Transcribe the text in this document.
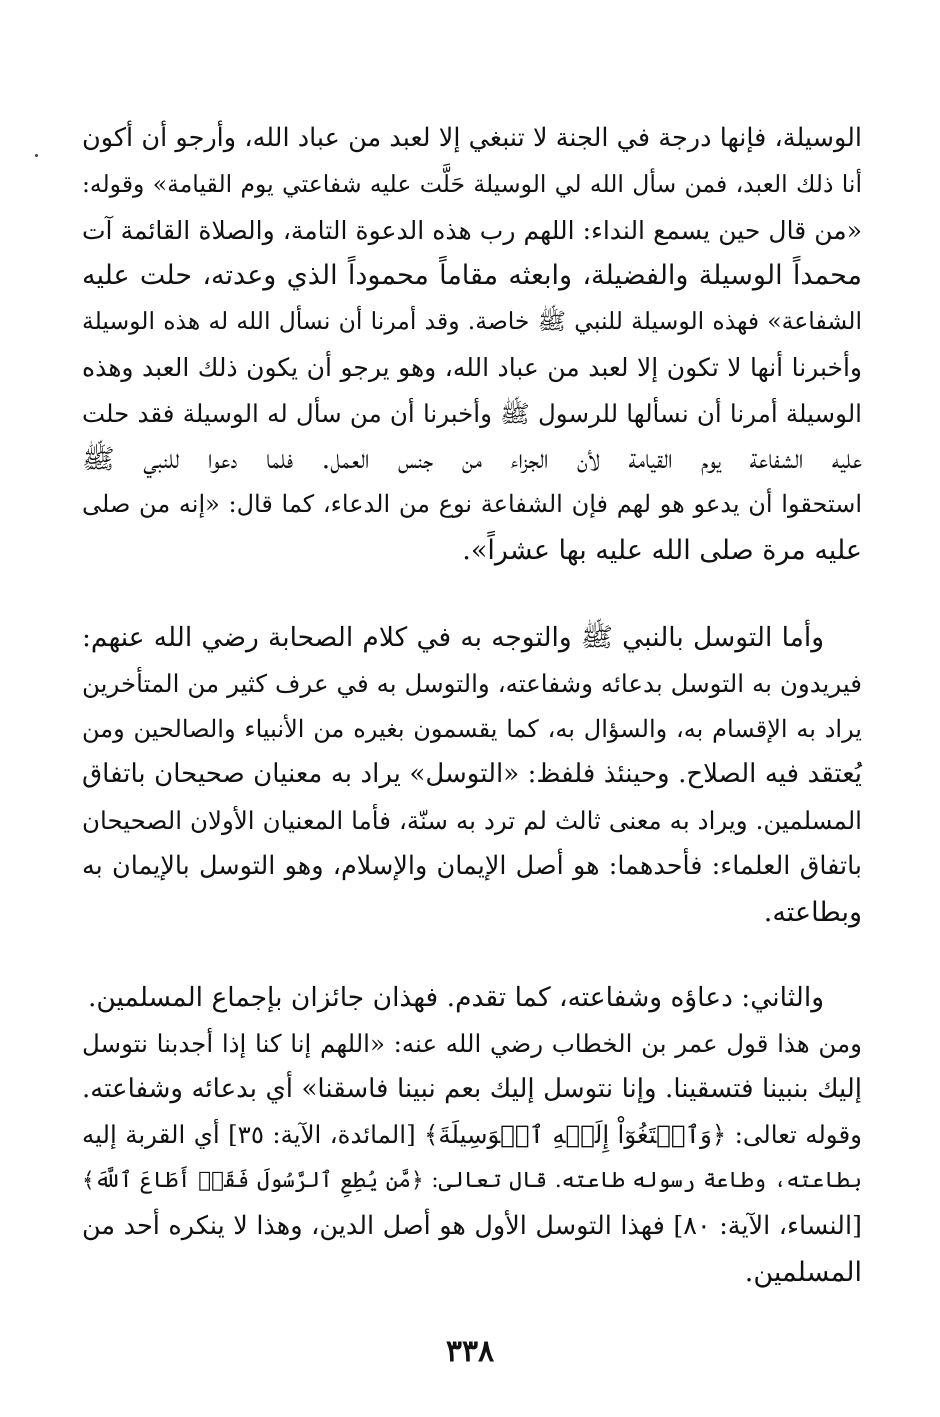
الوسيلة، فإنها درجة في الجنة لا تنبغي إلا لعبد من عباد الله، وأرجو أن أكون
أنا ذلك العبد، فمن سأل الله لي الوسيلة حَلَّت عليه شفاعتي يوم القيامة» وقوله:
«من قال حين يسمع النداء: اللهم رب هذه الدعوة التامة، والصلاة القائمة آت
محمداً الوسيلة والفضيلة، وابعثه مقاماً محموداً الذي وعدته، حلت عليه
الشفاعة» فهذه الوسيلة للنبي ﷺ خاصة. وقد أمرنا أن نسأل الله له هذه الوسيلة
وأخبرنا أنها لا تكون إلا لعبد من عباد الله، وهو يرجو أن يكون ذلك العبد وهذه
الوسيلة أمرنا أن نسألها للرسول ﷺ وأخبرنا أن من سأل له الوسيلة فقد حلت
عليه الشفاعة يوم القيامة لأن الجزاء من جنس العمل. فلما دعوا للنبي ﷺ
استحقوا أن يدعو هو لهم فإن الشفاعة نوع من الدعاء، كما قال: «إنه من صلى
عليه مرة صلى الله عليه بها عشراً».
وأما التوسل بالنبي ﷺ والتوجه به في كلام الصحابة رضي الله عنهم:
فيريدون به التوسل بدعائه وشفاعته، والتوسل به في عرف كثير من المتأخرين
يراد به الإقسام به، والسؤال به، كما يقسمون بغيره من الأنبياء والصالحين ومن
يُعتقد فيه الصلاح. وحينئذ فلفظ: «التوسل» يراد به معنيان صحيحان باتفاق
المسلمين. ويراد به معنى ثالث لم ترد به سنّة، فأما المعنيان الأولان الصحيحان
باتفاق العلماء: فأحدهما: هو أصل الإيمان والإسلام، وهو التوسل بالإيمان به
وبطاعته.
والثاني: دعاؤه وشفاعته، كما تقدم. فهذان جائزان بإجماع المسلمين.
ومن هذا قول عمر بن الخطاب رضي الله عنه: «اللهم إنا كنا إذا أجدبنا نتوسل
إليك بنبينا فتسقينا. وإنا نتوسل إليك بعم نبينا فاسقنا» أي بدعائه وشفاعته.
وقوله تعالى: ﴿وَٱبۡتَغُوٓاْ إِلَيۡهِ ٱلۡوَسِيلَةَ﴾ [المائدة، الآية: ٣٥] أي القربة إليه
بطاعته، وطاعة رسوله طاعته. قال تعالى: ﴿مَّن يُطِعِ ٱلرَّسُولَ فَقَدۡ أَطَاعَ ٱللَّهَ﴾
[النساء، الآية: ٨٠] فهذا التوسل الأول هو أصل الدين، وهذا لا ينكره أحد من
المسلمين.
٣٣٨
